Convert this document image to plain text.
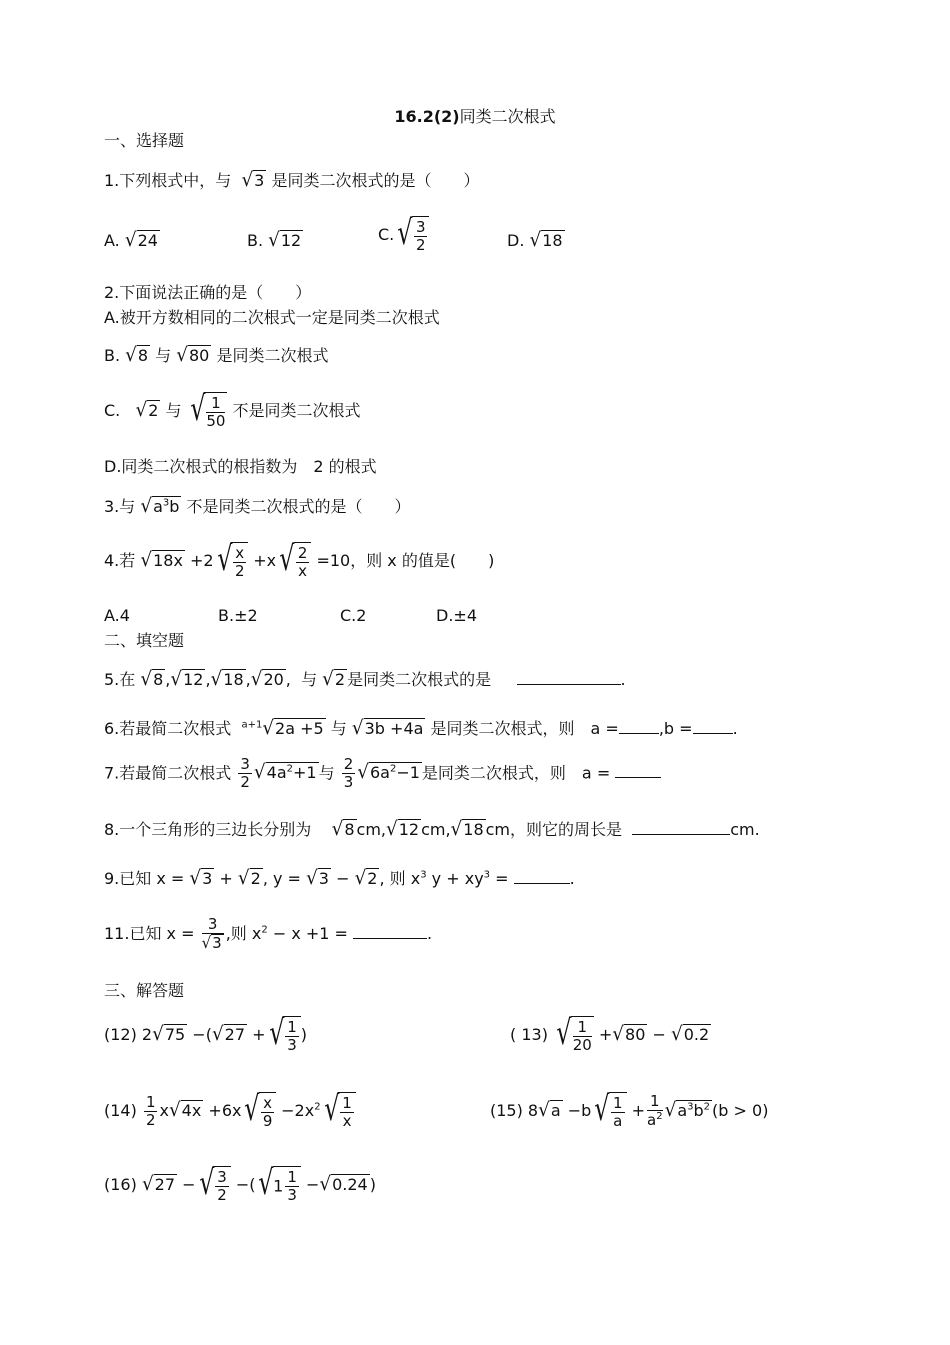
16.2(2)同类二次根式
一、选择题
1.下列根式中，与 √3 是同类二次根式的是（　　）
A. √24	B. √12	C. √ $\frac{3}{2}$	D. √18
2.下面说法正确的是（　　）
A.被开方数相同的二次根式一定是同类二次根式
B. √8 与 √80 是同类二次根式
C. √2 与 √ $\frac{1}{50}$ 不是同类二次根式
D.同类二次根式的根指数为　2 的根式
3.与 $√a^3b$ 不是同类二次根式的是（　　）
4.若 √18x +2 √ $\frac{x}{2} +x$ √ $\frac{2}{x} =10$，则 x 的值是(　　)
A.4	B.±2	C.2	D.±4
二、填空题
5.在 √8 ,√12 ,√18 ,√20 ,  与 √2 是同类二次根式的是	.
6.若最简二次根式 $^{a+1}$√2a +5 与 √3b +4a 是同类二次根式，则　a =	,b =	.
7.若最简二次根式 $\frac{3}{2} √4a^2+1$ 与 $\frac{2}{3} √6a^2-1$ 是同类二次根式，则　a =
8.一个三角形的三边长分别为 √8 cm,√12 cm,√18 cm，则它的周长是	cm.
9.已知 x = √3 + √2 , y = √3 − √2 , 则 $x^3$ $y + xy^3$ =	.
11.已知 $x = \frac{3}{√3}$ ,则 $x^2 - x +1$ =	.
三、解答题
(12) 2√75 −(√27 + √ $\frac{1}{3}$ )	( 13) √ $\frac{1}{20} +√80 - √0.2$
$(14) \frac{1}{2} x√4x +6x$ √ $\frac{x}{9} -2x^2$ √ $\frac{1}{x}$	(15) 8√a −b √ $\frac{1}{a} + \frac{1}{a^2} √a^3b^2$ (b > 0)
(16) √27 − √ $\frac{3}{2}$ −( √ $1 \frac{1}{3} -√0.24$ )
